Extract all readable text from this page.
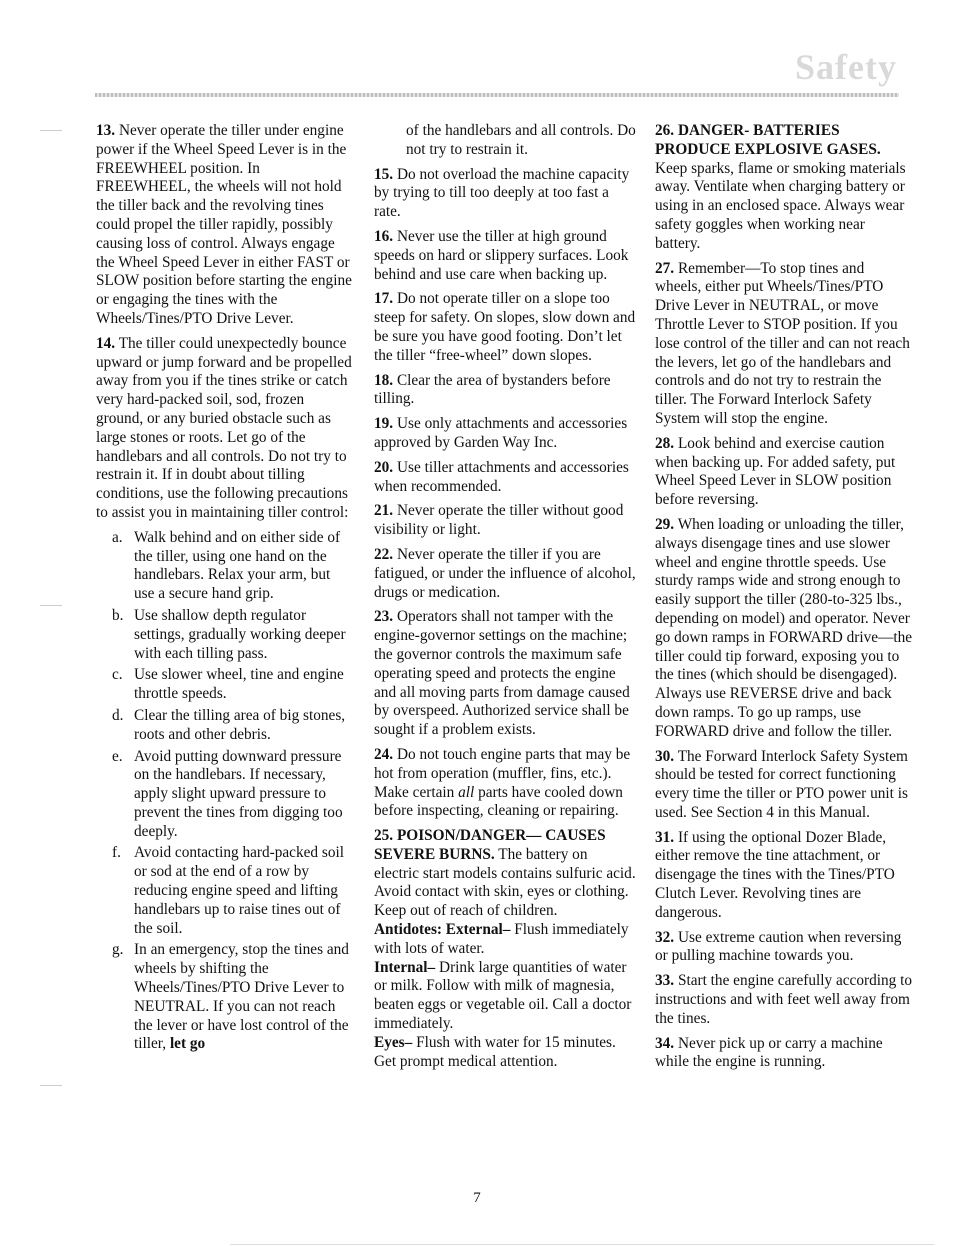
Safety

13. Never operate the tiller under engine power if the Wheel Speed Lever is in the FREEWHEEL position. In FREEWHEEL, the wheels will not hold the tiller back and the revolving tines could propel the tiller rapidly, possibly causing loss of control. Always engage the Wheel Speed Lever in either FAST or SLOW position before starting the engine or engaging the tines with the Wheels/Tines/PTO Drive Lever.

14. The tiller could unexpectedly bounce upward or jump forward and be propelled away from you if the tines strike or catch very hard-packed soil, sod, frozen ground, or any buried obstacle such as large stones or roots. Let go of the handlebars and all controls. Do not try to restrain it. If in doubt about tilling conditions, use the following precautions to assist you in maintaining tiller control:

a. Walk behind and on either side of the tiller, using one hand on the handlebars. Relax your arm, but use a secure hand grip.
b. Use shallow depth regulator settings, gradually working deeper with each tilling pass.
c. Use slower wheel, tine and engine throttle speeds.
d. Clear the tilling area of big stones, roots and other debris.
e. Avoid putting downward pressure on the handlebars. If necessary, apply slight upward pressure to prevent the tines from digging too deeply.
f. Avoid contacting hard-packed soil or sod at the end of a row by reducing engine speed and lifting handlebars up to raise tines out of the soil.
g. In an emergency, stop the tines and wheels by shifting the Wheels/Tines/PTO Drive Lever to NEUTRAL. If you can not reach the lever or have lost control of the tiller, let go

of the handlebars and all controls. Do not try to restrain it.

15. Do not overload the machine capacity by trying to till too deeply at too fast a rate.

16. Never use the tiller at high ground speeds on hard or slippery surfaces. Look behind and use care when backing up.

17. Do not operate tiller on a slope too steep for safety. On slopes, slow down and be sure you have good footing. Don’t let the tiller “free-wheel” down slopes.

18. Clear the area of bystanders before tilling.

19. Use only attachments and accessories approved by Garden Way Inc.

20. Use tiller attachments and accessories when recommended.

21. Never operate the tiller without good visibility or light.

22. Never operate the tiller if you are fatigued, or under the influence of alcohol, drugs or medication.

23. Operators shall not tamper with the engine-governor settings on the machine; the governor controls the maximum safe operating speed and protects the engine and all moving parts from damage caused by overspeed. Authorized service shall be sought if a problem exists.

24. Do not touch engine parts that may be hot from operation (muffler, fins, etc.). Make certain all parts have cooled down before inspecting, cleaning or repairing.

25. POISON/DANGER— CAUSES SEVERE BURNS. The battery on electric start models contains sulfuric acid. Avoid contact with skin, eyes or clothing. Keep out of reach of children.
Antidotes: External– Flush immediately with lots of water.
Internal– Drink large quantities of water or milk. Follow with milk of magnesia, beaten eggs or vegetable oil. Call a doctor immediately.
Eyes– Flush with water for 15 minutes. Get prompt medical attention.

26. DANGER- BATTERIES PRODUCE EXPLOSIVE GASES. Keep sparks, flame or smoking materials away. Ventilate when charging battery or using in an enclosed space. Always wear safety goggles when working near battery.

27. Remember—To stop tines and wheels, either put Wheels/Tines/PTO Drive Lever in NEUTRAL, or move Throttle Lever to STOP position. If you lose control of the tiller and can not reach the levers, let go of the handlebars and controls and do not try to restrain the tiller. The Forward Interlock Safety System will stop the engine.

28. Look behind and exercise caution when backing up. For added safety, put Wheel Speed Lever in SLOW position before reversing.

29. When loading or unloading the tiller, always disengage tines and use slower wheel and engine throttle speeds. Use sturdy ramps wide and strong enough to easily support the tiller (280-to-325 lbs., depending on model) and operator. Never go down ramps in FORWARD drive—the tiller could tip forward, exposing you to the tines (which should be disengaged). Always use REVERSE drive and back down ramps. To go up ramps, use FORWARD drive and follow the tiller.

30. The Forward Interlock Safety System should be tested for correct functioning every time the tiller or PTO power unit is used. See Section 4 in this Manual.

31. If using the optional Dozer Blade, either remove the tine attachment, or disengage the tines with the Tines/PTO Clutch Lever. Revolving tines are dangerous.

32. Use extreme caution when reversing or pulling machine towards you.

33. Start the engine carefully according to instructions and with feet well away from the tines.

34. Never pick up or carry a machine while the engine is running.

7
